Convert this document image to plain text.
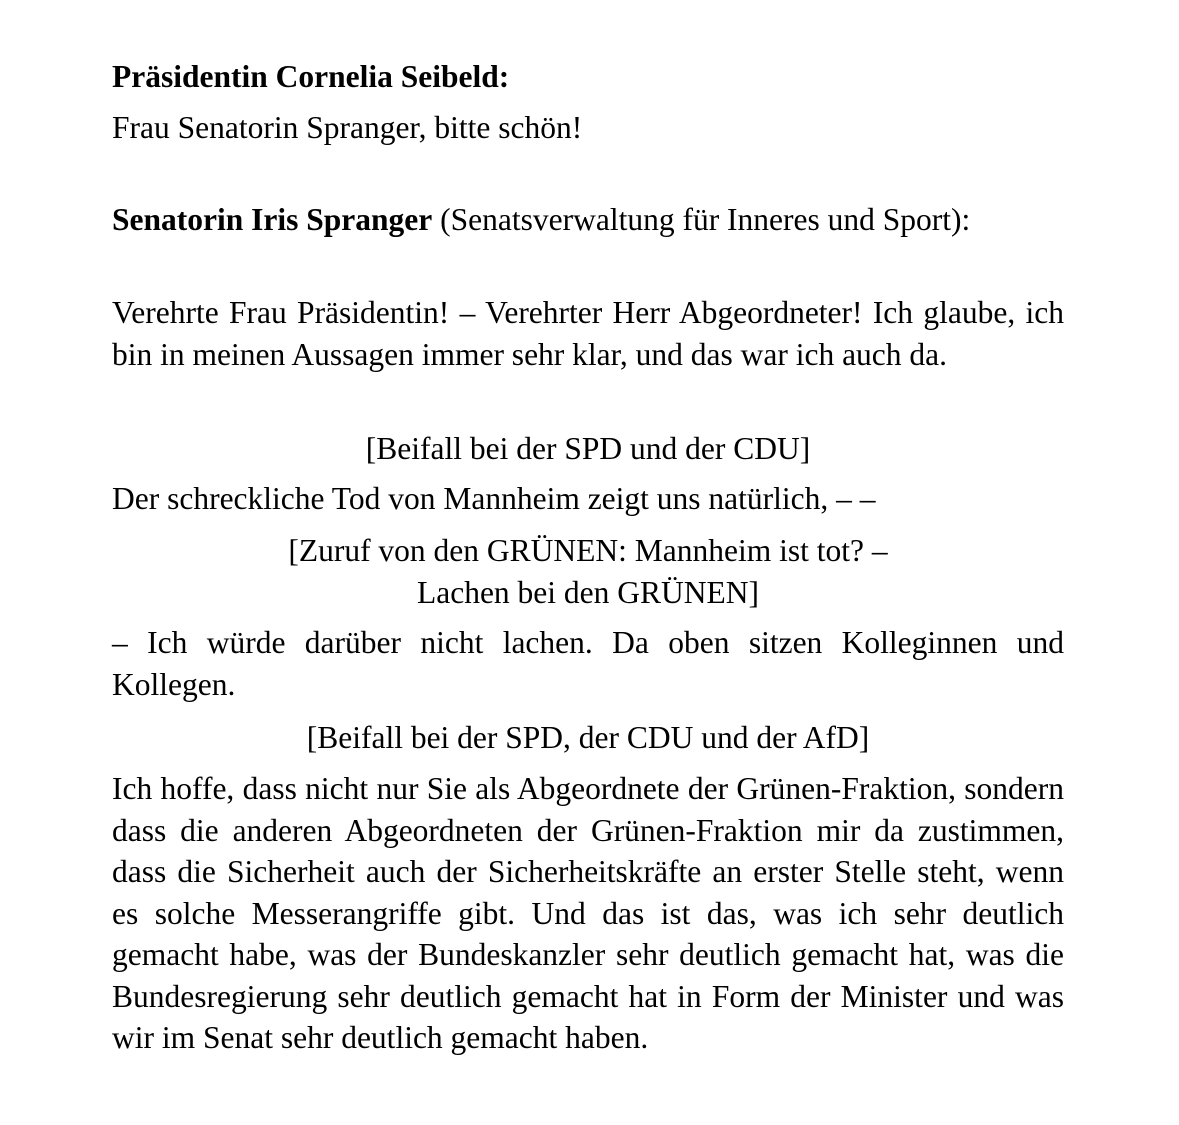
Präsidentin Cornelia Seibeld:

Frau Senatorin Spranger, bitte schön!

Senatorin Iris Spranger (Senatsverwaltung für Inneres und Sport):

Verehrte Frau Präsidentin! – Verehrter Herr Abgeordneter! Ich glaube, ich bin in meinen Aussagen immer sehr klar, und das war ich auch da.

[Beifall bei der SPD und der CDU]

Der schreckliche Tod von Mannheim zeigt uns natürlich, – –

[Zuruf von den GRÜNEN: Mannheim ist tot? –

Lachen bei den GRÜNEN]

– Ich würde darüber nicht lachen. Da oben sitzen Kolleginnen und Kollegen.

[Beifall bei der SPD, der CDU und der AfD]

Ich hoffe, dass nicht nur Sie als Abgeordnete der Grünen-Fraktion, sondern dass die anderen Abgeordneten der Grünen-Fraktion mir da zustimmen, dass die Sicherheit auch der Sicherheitskräfte an erster Stelle steht, wenn es solche Messerangriffe gibt. Und das ist das, was ich sehr deutlich gemacht habe, was der Bundeskanzler sehr deutlich gemacht hat, was die Bundesregierung sehr deutlich gemacht hat in Form der Minister und was wir im Senat sehr deutlich gemacht haben.
